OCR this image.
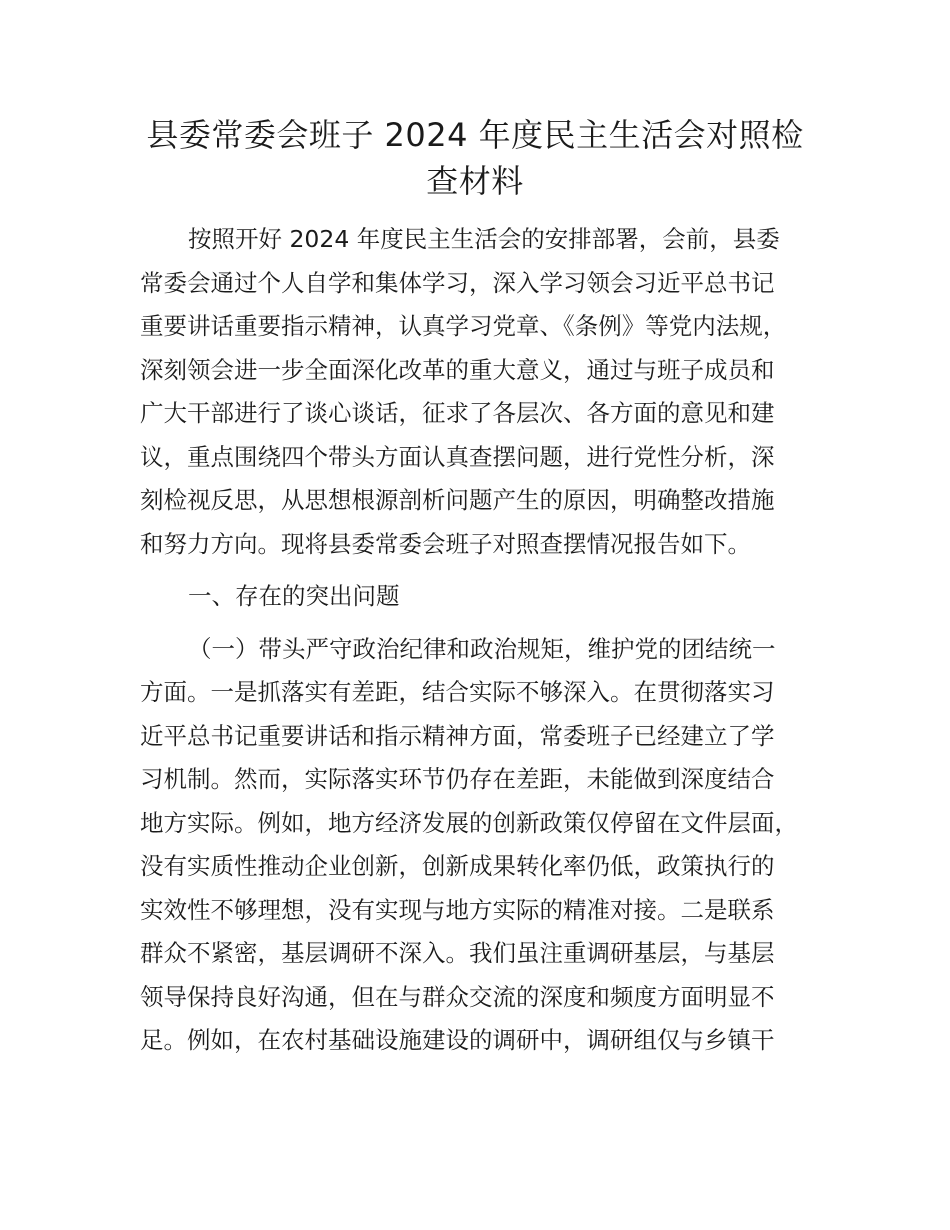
县委常委会班子 2024 年度民主生活会对照检
查材料
按照开好 2024 年度民主生活会的安排部署，会前，县委
常委会通过个人自学和集体学习，深入学习领会习近平总书记
重要讲话重要指示精神，认真学习党章、《条例》等党内法规，
深刻领会进一步全面深化改革的重大意义，通过与班子成员和
广大干部进行了谈心谈话，征求了各层次、各方面的意见和建
议，重点围绕四个带头方面认真查摆问题，进行党性分析，深
刻检视反思，从思想根源剖析问题产生的原因，明确整改措施
和努力方向。现将县委常委会班子对照查摆情况报告如下。
一、存在的突出问题
（一）带头严守政治纪律和政治规矩，维护党的团结统一
方面。一是抓落实有差距，结合实际不够深入。在贯彻落实习
近平总书记重要讲话和指示精神方面，常委班子已经建立了学
习机制。然而，实际落实环节仍存在差距，未能做到深度结合
地方实际。例如，地方经济发展的创新政策仅停留在文件层面，
没有实质性推动企业创新，创新成果转化率仍低，政策执行的
实效性不够理想，没有实现与地方实际的精准对接。二是联系
群众不紧密，基层调研不深入。我们虽注重调研基层，与基层
领导保持良好沟通，但在与群众交流的深度和频度方面明显不
足。例如，在农村基础设施建设的调研中，调研组仅与乡镇干
